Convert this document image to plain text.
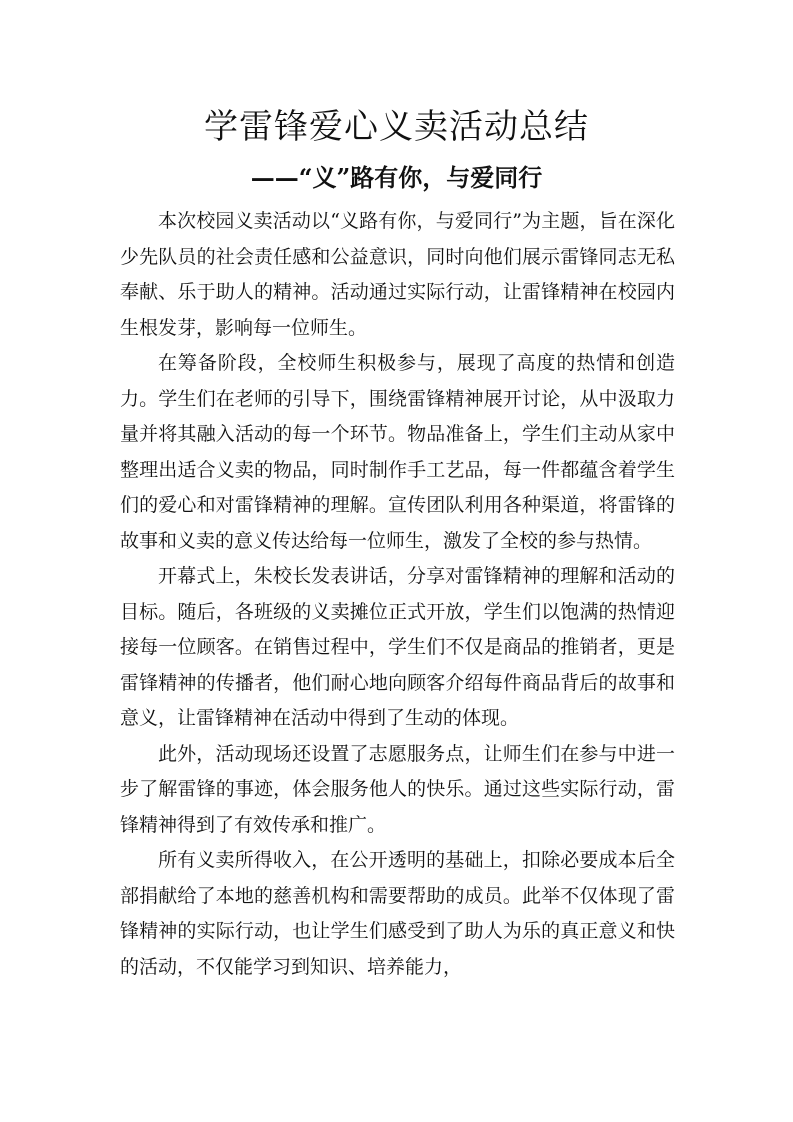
学雷锋爱心义卖活动总结
——“义”路有你，与爱同行

本次校园义卖活动以“义路有你，与爱同行”为主题，旨在深化少先队员的社会责任感和公益意识，同时向他们展示雷锋同志无私奉献、乐于助人的精神。活动通过实际行动，让雷锋精神在校园内生根发芽，影响每一位师生。

在筹备阶段，全校师生积极参与，展现了高度的热情和创造力。学生们在老师的引导下，围绕雷锋精神展开讨论，从中汲取力量并将其融入活动的每一个环节。物品准备上，学生们主动从家中整理出适合义卖的物品，同时制作手工艺品，每一件都蕴含着学生们的爱心和对雷锋精神的理解。宣传团队利用各种渠道，将雷锋的故事和义卖的意义传达给每一位师生，激发了全校的参与热情。

开幕式上，朱校长发表讲话，分享对雷锋精神的理解和活动的目标。随后，各班级的义卖摊位正式开放，学生们以饱满的热情迎接每一位顾客。在销售过程中，学生们不仅是商品的推销者，更是雷锋精神的传播者，他们耐心地向顾客介绍每件商品背后的故事和意义，让雷锋精神在活动中得到了生动的体现。

此外，活动现场还设置了志愿服务点，让师生们在参与中进一步了解雷锋的事迹，体会服务他人的快乐。通过这些实际行动，雷锋精神得到了有效传承和推广。

所有义卖所得收入，在公开透明的基础上，扣除必要成本后全部捐献给了本地的慈善机构和需要帮助的成员。此举不仅体现了雷锋精神的实际行动，也让学生们感受到了助人为乐的真正意义和快的活动，不仅能学习到知识、培养能力，
